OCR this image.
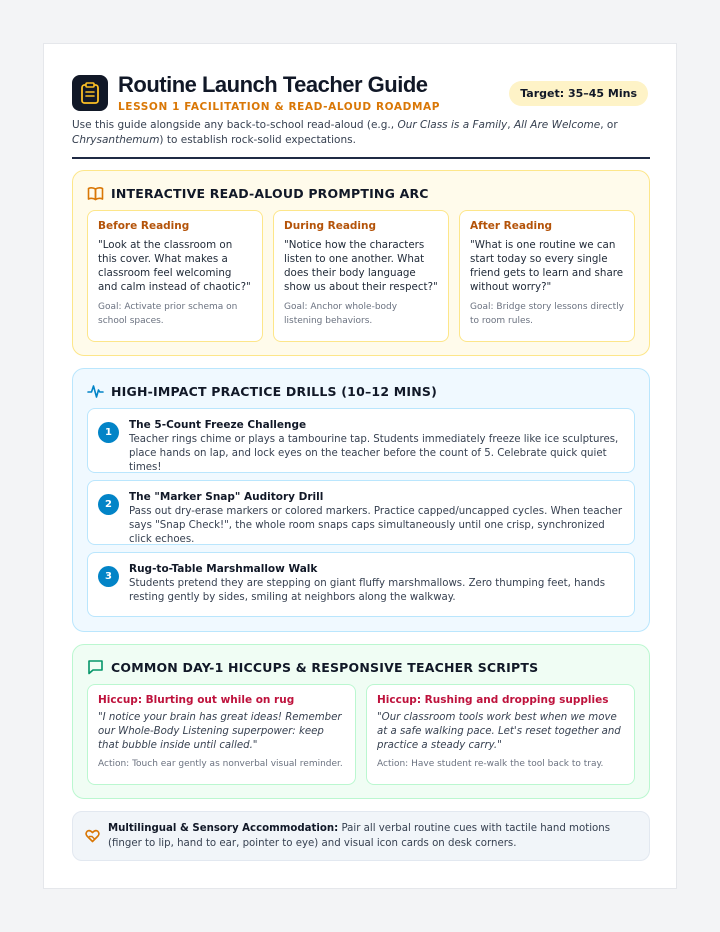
Routine Launch Teacher Guide
LESSON 1 FACILITATION & READ-ALOUD ROADMAP
Target: 35–45 Mins

Use this guide alongside any back-to-school read-aloud (e.g., Our Class is a Family, All Are Welcome, or Chrysanthemum) to establish rock-solid expectations.

INTERACTIVE READ-ALOUD PROMPTING ARC
Before Reading
"Look at the classroom on this cover. What makes a classroom feel welcoming and calm instead of chaotic?"
Goal: Activate prior schema on school spaces.
During Reading
"Notice how the characters listen to one another. What does their body language show us about their respect?"
Goal: Anchor whole-body listening behaviors.
After Reading
"What is one routine we can start today so every single friend gets to learn and share without worry?"
Goal: Bridge story lessons directly to room rules.
HIGH-IMPACT PRACTICE DRILLS (10–12 MINS)
1
The 5-Count Freeze Challenge
Teacher rings chime or plays a tambourine tap. Students immediately freeze like ice sculptures, place hands on lap, and lock eyes on the teacher before the count of 5. Celebrate quick quiet times!
2
The "Marker Snap" Auditory Drill
Pass out dry-erase markers or colored markers. Practice capped/uncapped cycles. When teacher says "Snap Check!", the whole room snaps caps simultaneously until one crisp, synchronized click echoes.
3
Rug-to-Table Marshmallow Walk
Students pretend they are stepping on giant fluffy marshmallows. Zero thumping feet, hands resting gently by sides, smiling at neighbors along the walkway.
COMMON DAY-1 HICCUPS & RESPONSIVE TEACHER SCRIPTS
Hiccup: Blurting out while on rug
"I notice your brain has great ideas! Remember our Whole-Body Listening superpower: keep that bubble inside until called."
Action: Touch ear gently as nonverbal visual reminder.
Hiccup: Rushing and dropping supplies
"Our classroom tools work best when we move at a safe walking pace. Let's reset together and practice a steady carry."
Action: Have student re-walk the tool back to tray.

Multilingual & Sensory Accommodation: Pair all verbal routine cues with tactile hand motions (finger to lip, hand to ear, pointer to eye) and visual icon cards on desk corners.
